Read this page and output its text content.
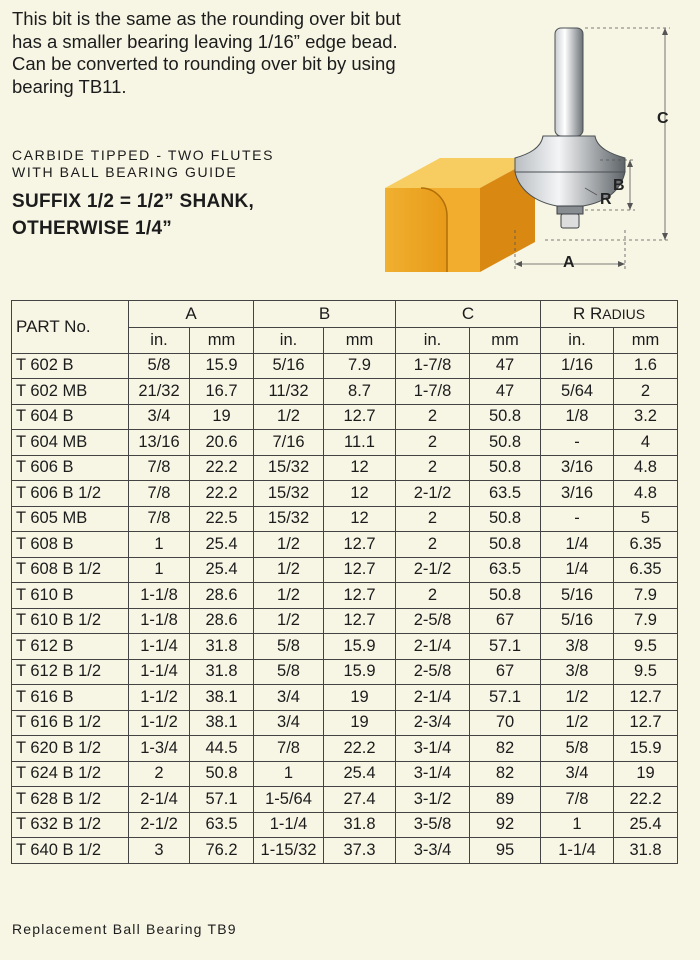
This bit is the same as the rounding over bit but has a smaller bearing leaving 1/16” edge bead.

Can be converted to rounding over bit by using bearing TB11.

CARBIDE TIPPED - TWO FLUTES
WITH BALL BEARING GUIDE
SUFFIX 1/2 = 1/2” SHANK,
OTHERWISE 1/4”
C
B
R
A
PART No.	A		B		C		R RADIUS	
	in.	mm	in.	mm	in.	mm	in.	mm
T 602 B	5/8	15.9	5/16	7.9	1-7/8	47	1/16	1.6
T 602 MB	21/32	16.7	11/32	8.7	1-7/8	47	5/64	2
T 604 B	3/4	19	1/2	12.7	2	50.8	1/8	3.2
T 604 MB	13/16	20.6	7/16	11.1	2	50.8	-	4
T 606 B	7/8	22.2	15/32	12	2	50.8	3/16	4.8
T 606 B 1/2	7/8	22.2	15/32	12	2-1/2	63.5	3/16	4.8
T 605 MB	7/8	22.5	15/32	12	2	50.8	-	5
T 608 B	1	25.4	1/2	12.7	2	50.8	1/4	6.35
T 608 B 1/2	1	25.4	1/2	12.7	2-1/2	63.5	1/4	6.35
T 610 B	1-1/8	28.6	1/2	12.7	2	50.8	5/16	7.9
T 610 B 1/2	1-1/8	28.6	1/2	12.7	2-5/8	67	5/16	7.9
T 612 B	1-1/4	31.8	5/8	15.9	2-1/4	57.1	3/8	9.5
T 612 B 1/2	1-1/4	31.8	5/8	15.9	2-5/8	67	3/8	9.5
T 616 B	1-1/2	38.1	3/4	19	2-1/4	57.1	1/2	12.7
T 616 B 1/2	1-1/2	38.1	3/4	19	2-3/4	70	1/2	12.7
T 620 B 1/2	1-3/4	44.5	7/8	22.2	3-1/4	82	5/8	15.9
T 624 B 1/2	2	50.8	1	25.4	3-1/4	82	3/4	19
T 628 B 1/2	2-1/4	57.1	1-5/64	27.4	3-1/2	89	7/8	22.2
T 632 B 1/2	2-1/2	63.5	1-1/4	31.8	3-5/8	92	1	25.4
T 640 B 1/2	3	76.2	1-15/32	37.3	3-3/4	95	1-1/4	31.8
Replacement Ball Bearing TB9
